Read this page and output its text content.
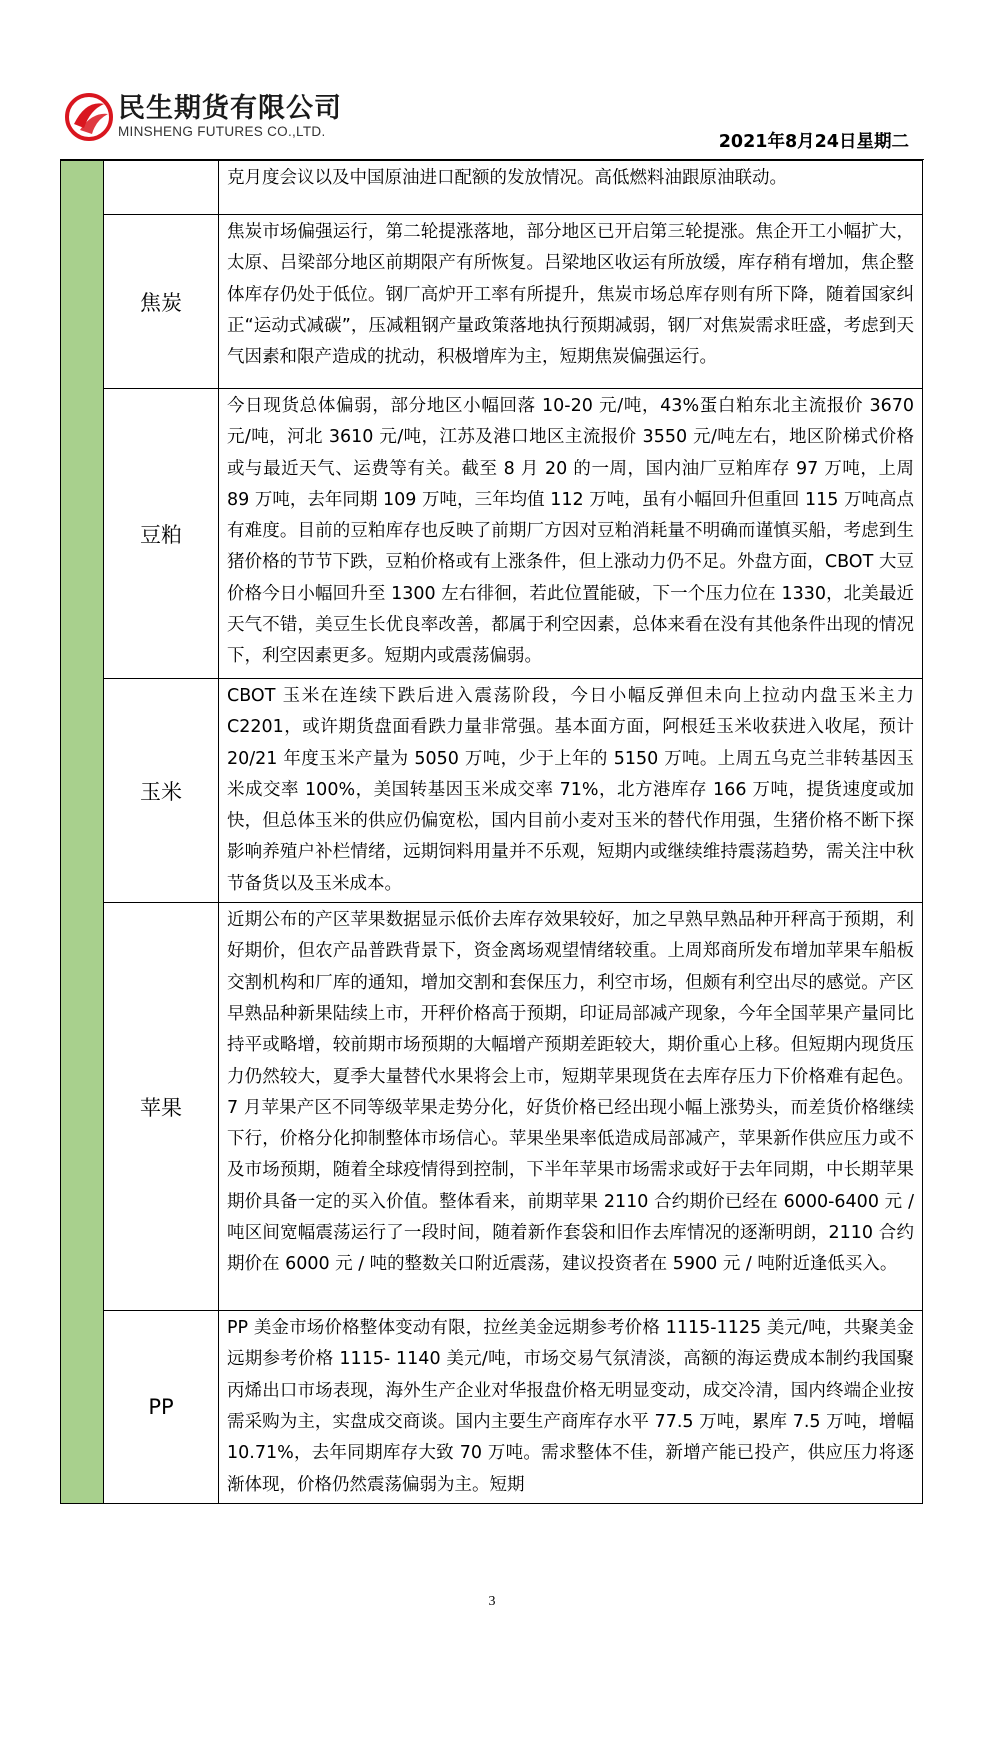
民生期货有限公司
MINSHENG FUTURES CO.,LTD.
2021年8月24日星期二

		克月度会议以及中国原油进口配额的发放情况。高低燃料油跟原油联动。

	焦炭	焦炭市场偏强运行，第二轮提涨落地，部分地区已开启第三轮提涨。焦企开工小幅扩大，太原、吕梁部分地区前期限产有所恢复。吕梁地区收运有所放缓，库存稍有增加，焦企整体库存仍处于低位。钢厂高炉开工率有所提升，焦炭市场总库存则有所下降，随着国家纠正“运动式减碳”，压减粗钢产量政策落地执行预期减弱，钢厂对焦炭需求旺盛，考虑到天气因素和限产造成的扰动，积极增库为主，短期焦炭偏强运行。

	豆粕	今日现货总体偏弱，部分地区小幅回落 10-20 元/吨，43%蛋白粕东北主流报价 3670 元/吨，河北 3610 元/吨，江苏及港口地区主流报价 3550 元/吨左右，地区阶梯式价格或与最近天气、运费等有关。截至 8 月 20 的一周，国内油厂豆粕库存 97 万吨，上周 89 万吨，去年同期 109 万吨，三年均值 112 万吨，虽有小幅回升但重回 115 万吨高点有难度。目前的豆粕库存也反映了前期厂方因对豆粕消耗量不明确而谨慎买船，考虑到生猪价格的节节下跌，豆粕价格或有上涨条件，但上涨动力仍不足。外盘方面，CBOT 大豆价格今日小幅回升至 1300 左右徘徊，若此位置能破，下一个压力位在 1330，北美最近天气不错，美豆生长优良率改善，都属于利空因素，总体来看在没有其他条件出现的情况下，利空因素更多。短期内或震荡偏弱。

	玉米	CBOT 玉米在连续下跌后进入震荡阶段，今日小幅反弹但未向上拉动内盘玉米主力 C2201，或许期货盘面看跌力量非常强。基本面方面，阿根廷玉米收获进入收尾，预计 20/21 年度玉米产量为 5050 万吨，少于上年的 5150 万吨。上周五乌克兰非转基因玉米成交率 100%，美国转基因玉米成交率 71%，北方港库存 166 万吨，提货速度或加快，但总体玉米的供应仍偏宽松，国内目前小麦对玉米的替代作用强，生猪价格不断下探影响养殖户补栏情绪，远期饲料用量并不乐观，短期内或继续维持震荡趋势，需关注中秋节备货以及玉米成本。

	苹果	近期公布的产区苹果数据显示低价去库存效果较好，加之早熟早熟品种开秤高于预期，利好期价，但农产品普跌背景下，资金离场观望情绪较重。上周郑商所发布增加苹果车船板交割机构和厂库的通知，增加交割和套保压力，利空市场，但颇有利空出尽的感觉。产区早熟品种新果陆续上市，开秤价格高于预期，印证局部减产现象，今年全国苹果产量同比持平或略增，较前期市场预期的大幅增产预期差距较大，期价重心上移。但短期内现货压力仍然较大，夏季大量替代水果将会上市，短期苹果现货在去库存压力下价格难有起色。7 月苹果产区不同等级苹果走势分化，好货价格已经出现小幅上涨势头，而差货价格继续下行，价格分化抑制整体市场信心。苹果坐果率低造成局部减产，苹果新作供应压力或不及市场预期，随着全球疫情得到控制，下半年苹果市场需求或好于去年同期，中长期苹果期价具备一定的买入价值。整体看来，前期苹果 2110 合约期价已经在 6000-6400 元 / 吨区间宽幅震荡运行了一段时间，随着新作套袋和旧作去库情况的逐渐明朗，2110 合约期价在 6000 元 / 吨的整数关口附近震荡，建议投资者在 5900 元 / 吨附近逢低买入。

	PP	PP 美金市场价格整体变动有限，拉丝美金远期参考价格 1115-1125 美元/吨，共聚美金远期参考价格 1115- 1140 美元/吨，市场交易气氛清淡，高额的海运费成本制约我国聚丙烯出口市场表现，海外生产企业对华报盘价格无明显变动，成交冷清，国内终端企业按需采购为主，实盘成交商谈。国内主要生产商库存水平 77.5 万吨，累库 7.5 万吨，增幅 10.71%，去年同期库存大致 70 万吨。需求整体不佳，新增产能已投产，供应压力将逐渐体现，价格仍然震荡偏弱为主。短期

3
